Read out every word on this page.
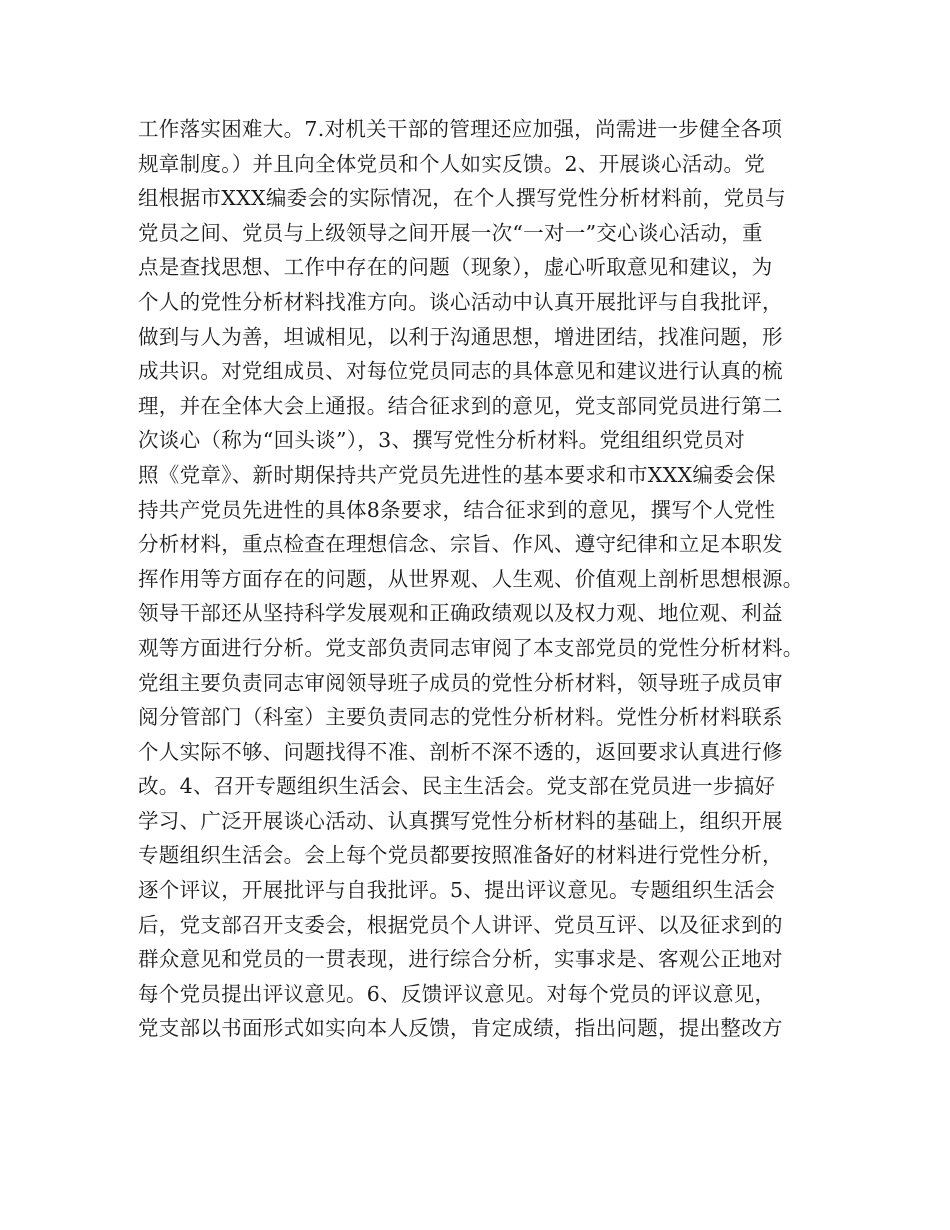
工作落实困难大。7.对机关干部的管理还应加强，尚需进一步健全各项
规章制度。）并且向全体党员和个人如实反馈。2、开展谈心活动。党
组根据市XXX编委会的实际情况，在个人撰写党性分析材料前，党员与
党员之间、党员与上级领导之间开展一次“一对一”交心谈心活动，重
点是查找思想、工作中存在的问题（现象），虚心听取意见和建议，为
个人的党性分析材料找准方向。谈心活动中认真开展批评与自我批评，
做到与人为善，坦诚相见，以利于沟通思想，增进团结，找准问题，形
成共识。对党组成员、对每位党员同志的具体意见和建议进行认真的梳
理，并在全体大会上通报。结合征求到的意见，党支部同党员进行第二
次谈心（称为“回头谈”），3、撰写党性分析材料。党组组织党员对
照《党章》、新时期保持共产党员先进性的基本要求和市XXX编委会保
持共产党员先进性的具体8条要求，结合征求到的意见，撰写个人党性
分析材料，重点检查在理想信念、宗旨、作风、遵守纪律和立足本职发
挥作用等方面存在的问题，从世界观、人生观、价值观上剖析思想根源。
领导干部还从坚持科学发展观和正确政绩观以及权力观、地位观、利益
观等方面进行分析。党支部负责同志审阅了本支部党员的党性分析材料。
党组主要负责同志审阅领导班子成员的党性分析材料，领导班子成员审
阅分管部门（科室）主要负责同志的党性分析材料。党性分析材料联系
个人实际不够、问题找得不准、剖析不深不透的，返回要求认真进行修
改。4、召开专题组织生活会、民主生活会。党支部在党员进一步搞好
学习、广泛开展谈心活动、认真撰写党性分析材料的基础上，组织开展
专题组织生活会。会上每个党员都要按照准备好的材料进行党性分析，
逐个评议，开展批评与自我批评。5、提出评议意见。专题组织生活会
后，党支部召开支委会，根据党员个人讲评、党员互评、以及征求到的
群众意见和党员的一贯表现，进行综合分析，实事求是、客观公正地对
每个党员提出评议意见。6、反馈评议意见。对每个党员的评议意见，
党支部以书面形式如实向本人反馈，肯定成绩，指出问题，提出整改方
